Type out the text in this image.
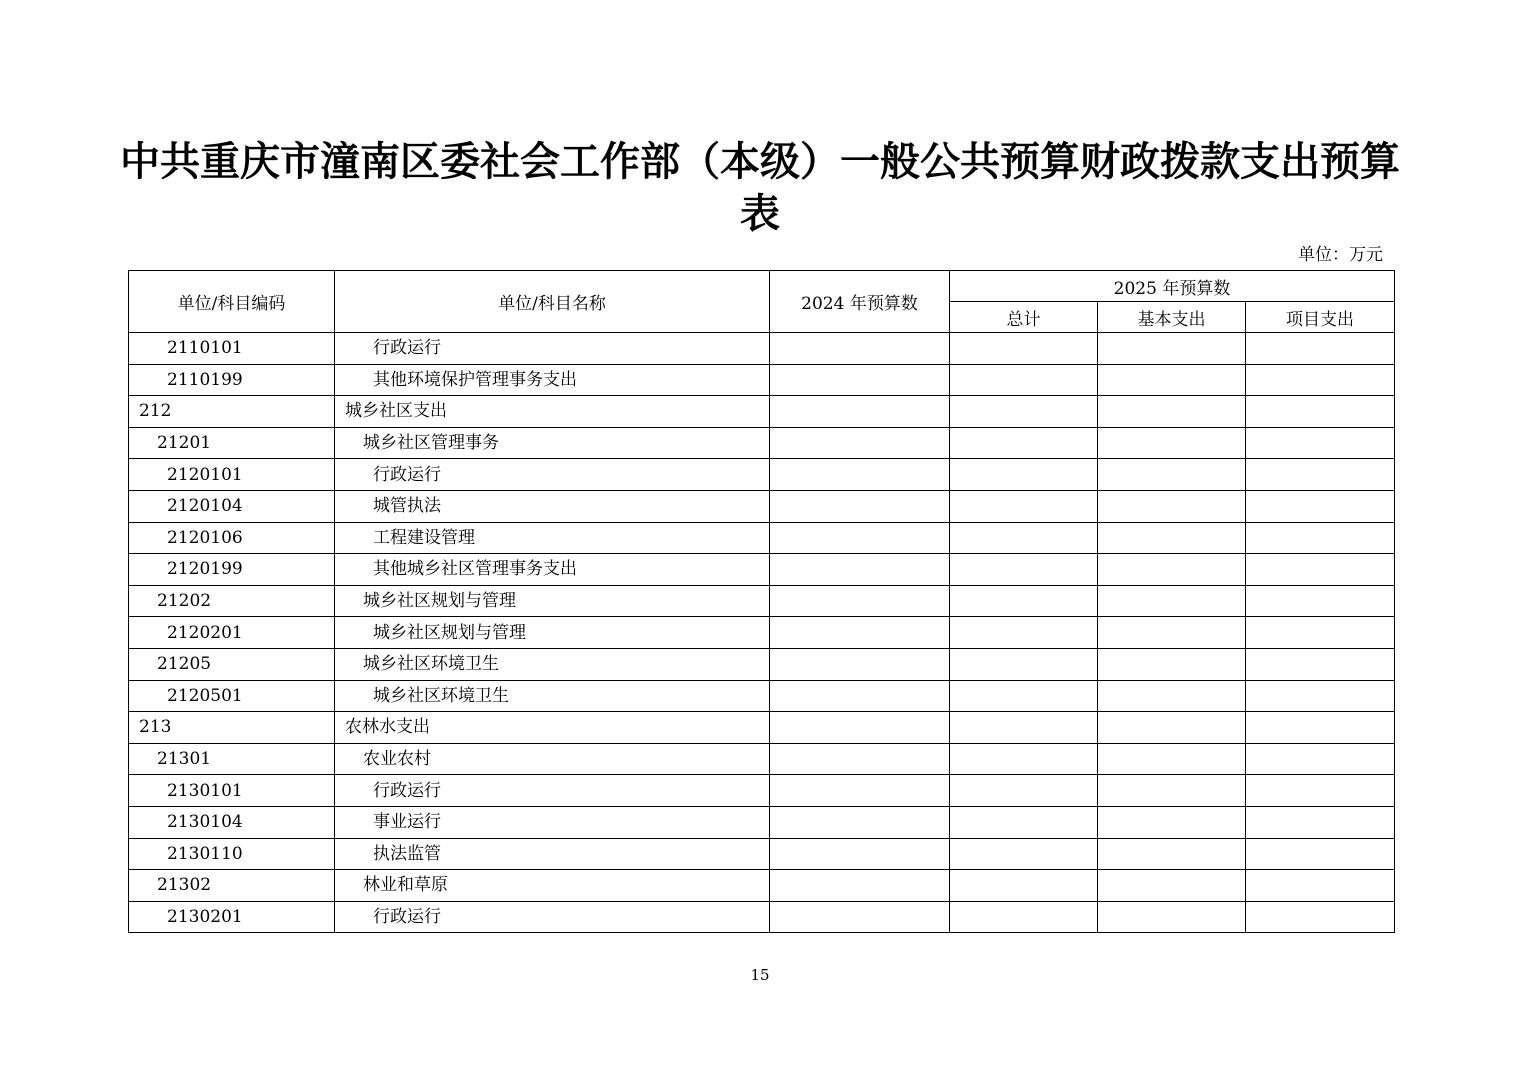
中共重庆市潼南区委社会工作部（本级）一般公共预算财政拨款支出预算表
单位：万元
单位/科目编码	单位/科目名称	2024 年预算数	2025 年预算数		
			总计	基本支出	项目支出
2110101	行政运行				
2110199	其他环境保护管理事务支出				
212	城乡社区支出				
21201	城乡社区管理事务				
2120101	行政运行				
2120104	城管执法				
2120106	工程建设管理				
2120199	其他城乡社区管理事务支出				
21202	城乡社区规划与管理				
2120201	城乡社区规划与管理				
21205	城乡社区环境卫生				
2120501	城乡社区环境卫生				
213	农林水支出				
21301	农业农村				
2130101	行政运行				
2130104	事业运行				
2130110	执法监管				
21302	林业和草原				
2130201	行政运行				
15
